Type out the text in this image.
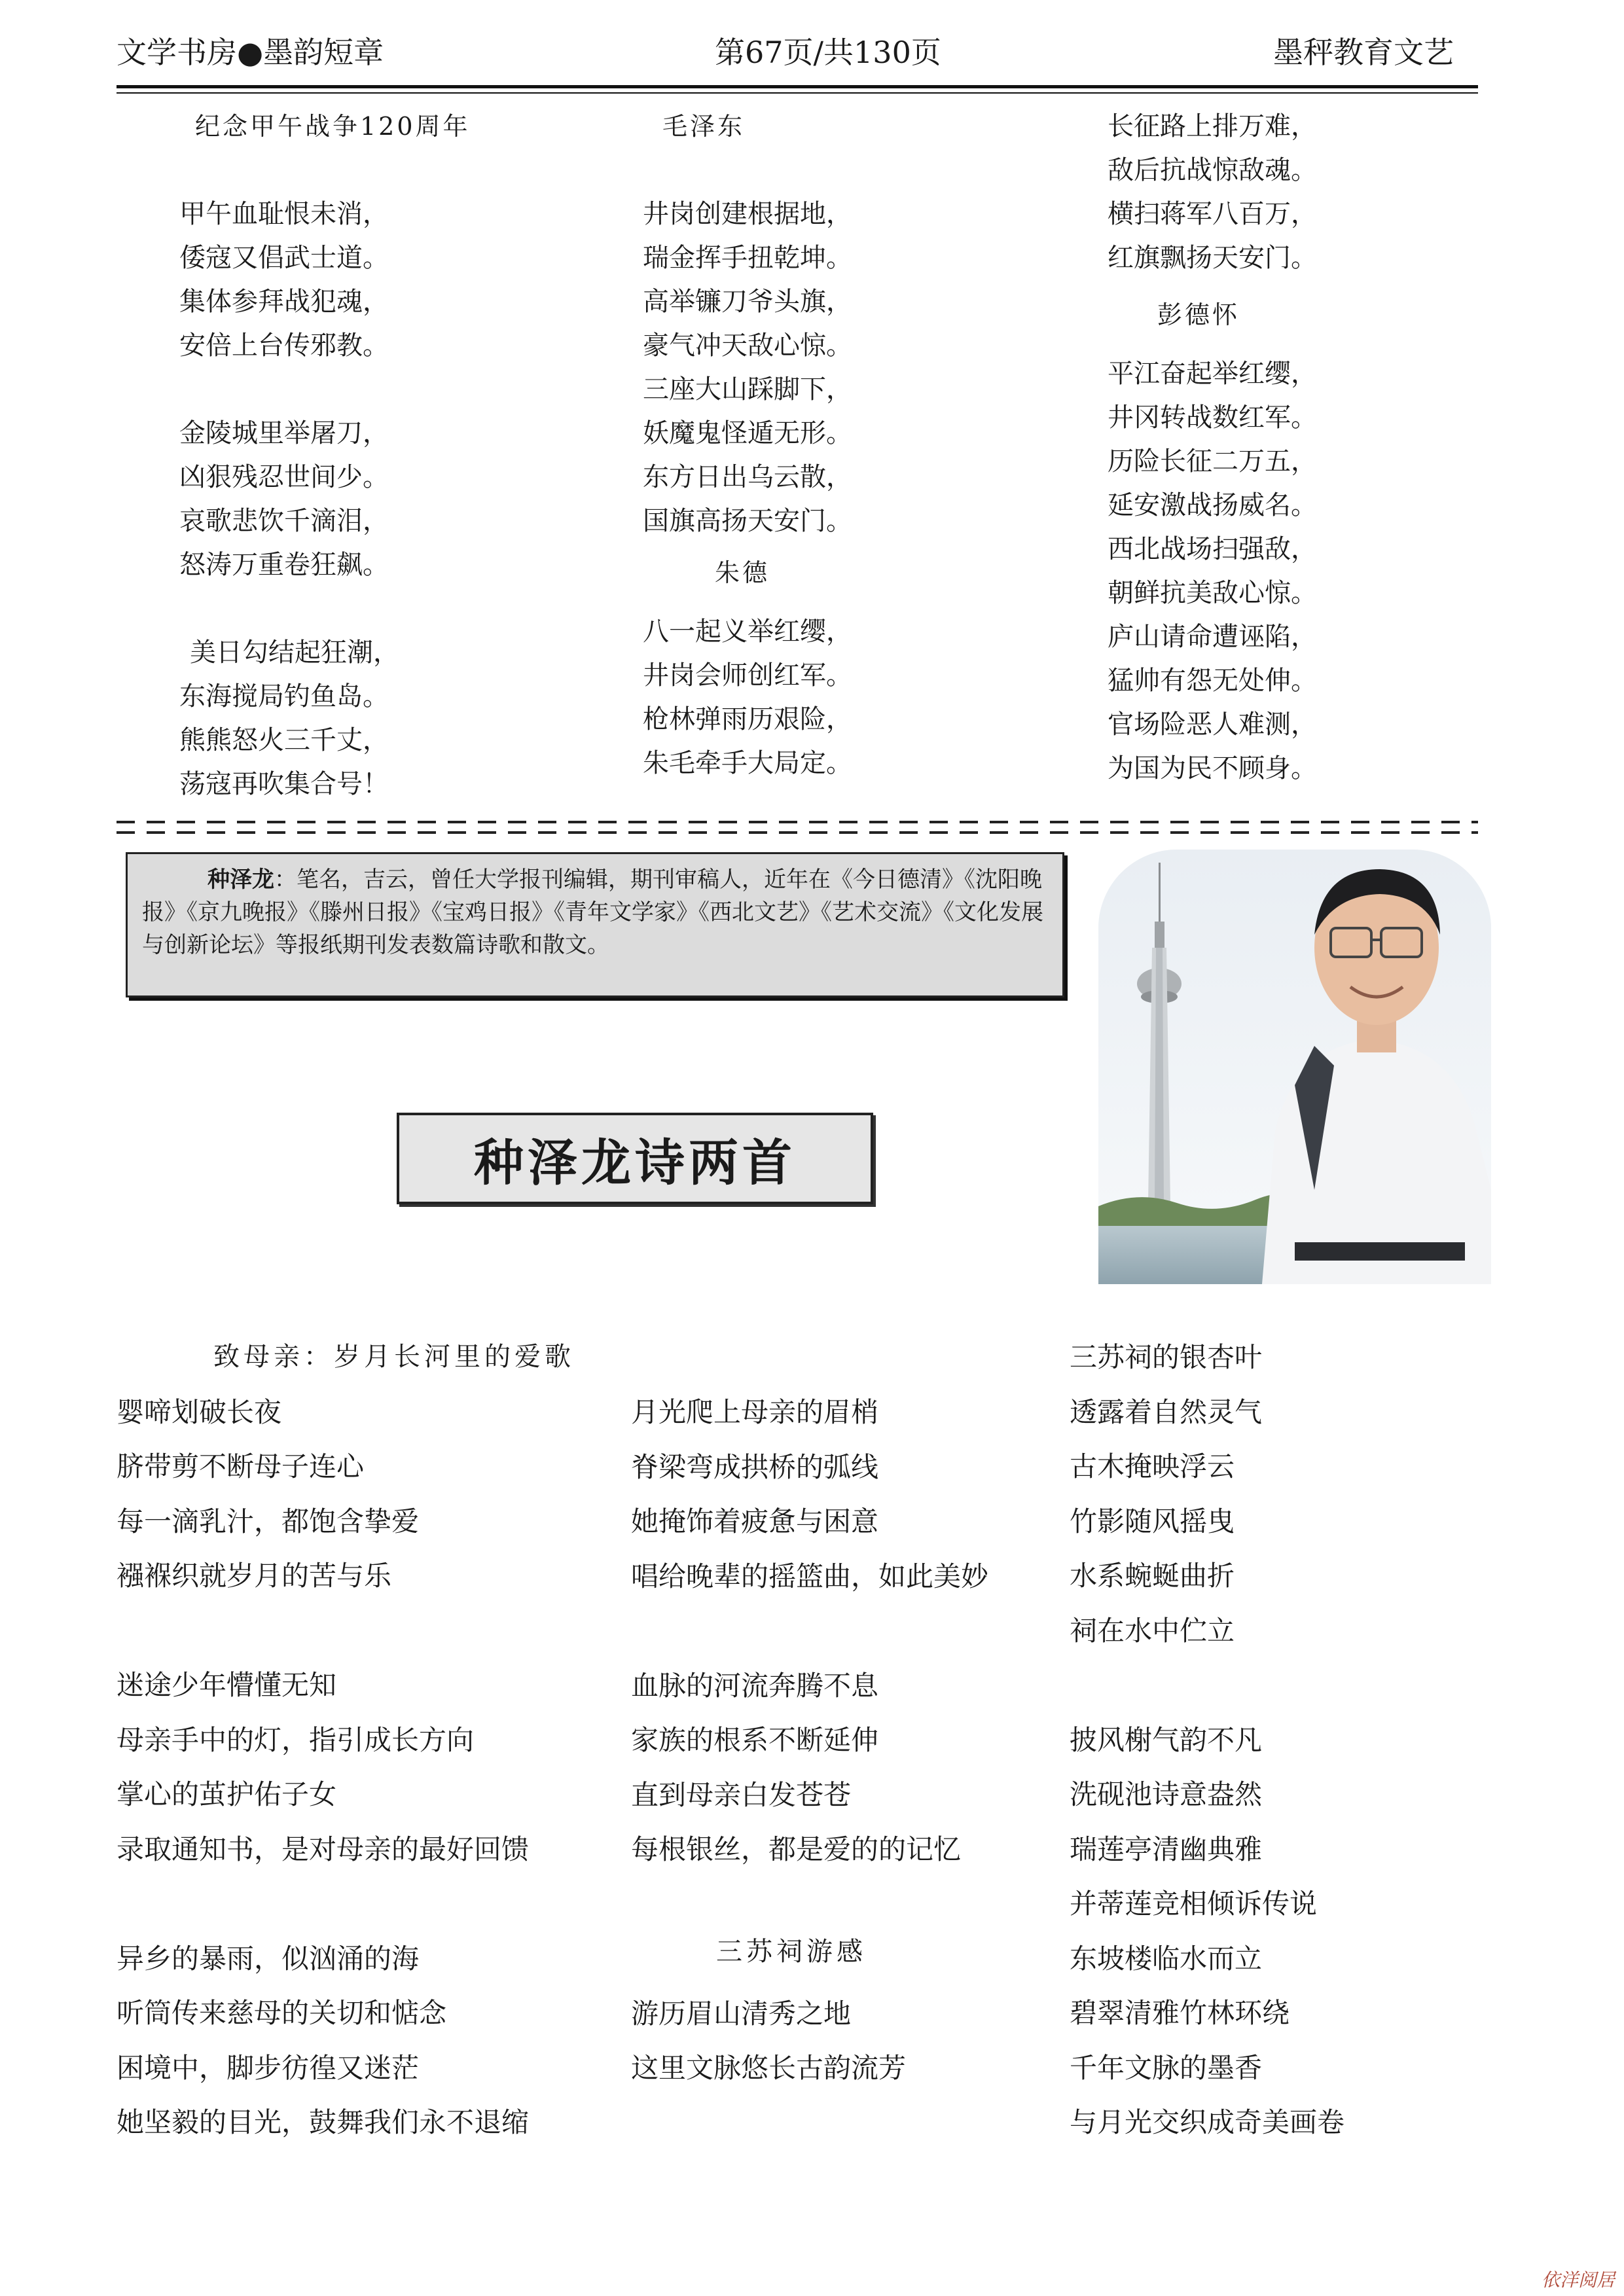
文学书房●墨韵短章	第67页/共130页	墨秤教育文艺
纪念甲午战争120周年
甲午血耻恨未消，
倭寇又倡武士道。
集体参拜战犯魂，
安倍上台传邪教。
金陵城里举屠刀，
凶狠残忍世间少。
哀歌悲饮千滴泪，
怒涛万重卷狂飙。
美日勾结起狂潮，
东海搅局钓鱼岛。
熊熊怒火三千丈，
荡寇再吹集合号！
毛泽东
井岗创建根据地，
瑞金挥手扭乾坤。
高举镰刀爷头旗，
豪气冲天敌心惊。
三座大山踩脚下，
妖魔鬼怪遁无形。
东方日出乌云散，
国旗高扬天安门。
朱德
八一起义举红缨，
井岗会师创红军。
枪林弹雨历艰险，
朱毛牵手大局定。
长征路上排万难，
敌后抗战惊敌魂。
横扫蒋军八百万，
红旗飘扬天安门。
彭德怀
平江奋起举红缨，
井冈转战数红军。
历险长征二万五，
延安激战扬威名。
西北战场扫强敌，
朝鲜抗美敌心惊。
庐山请命遭诬陷，
猛帅有怨无处伸。
官场险恶人难测，
为国为民不顾身。
种泽龙：笔名，吉云，曾任大学报刊编辑，期刊审稿人，近年在《今日德清》《沈阳晚报》《京九晚报》《滕州日报》《宝鸡日报》《青年文学家》《西北文艺》《艺术交流》《文化发展与创新论坛》等报纸期刊发表数篇诗歌和散文。
种泽龙诗两首
致母亲：岁月长河里的爱歌
婴啼划破长夜
脐带剪不断母子连心
每一滴乳汁，都饱含挚爱
襁褓织就岁月的苦与乐
迷途少年懵懂无知
母亲手中的灯，指引成长方向
掌心的茧护佑子女
录取通知书，是对母亲的最好回馈
异乡的暴雨，似汹涌的海
听筒传来慈母的关切和惦念
困境中，脚步彷徨又迷茫
她坚毅的目光，鼓舞我们永不退缩
月光爬上母亲的眉梢
脊梁弯成拱桥的弧线
她掩饰着疲惫与困意
唱给晚辈的摇篮曲，如此美妙
血脉的河流奔腾不息
家族的根系不断延伸
直到母亲白发苍苍
每根银丝，都是爱的的记忆
三苏祠游感
游历眉山清秀之地
这里文脉悠长古韵流芳
三苏祠的银杏叶
透露着自然灵气
古木掩映浮云
竹影随风摇曳
水系蜿蜒曲折
祠在水中伫立
披风榭气韵不凡
洗砚池诗意盎然
瑞莲亭清幽典雅
并蒂莲竞相倾诉传说
东坡楼临水而立
碧翠清雅竹林环绕
千年文脉的墨香
与月光交织成奇美画卷
依洋阅居
